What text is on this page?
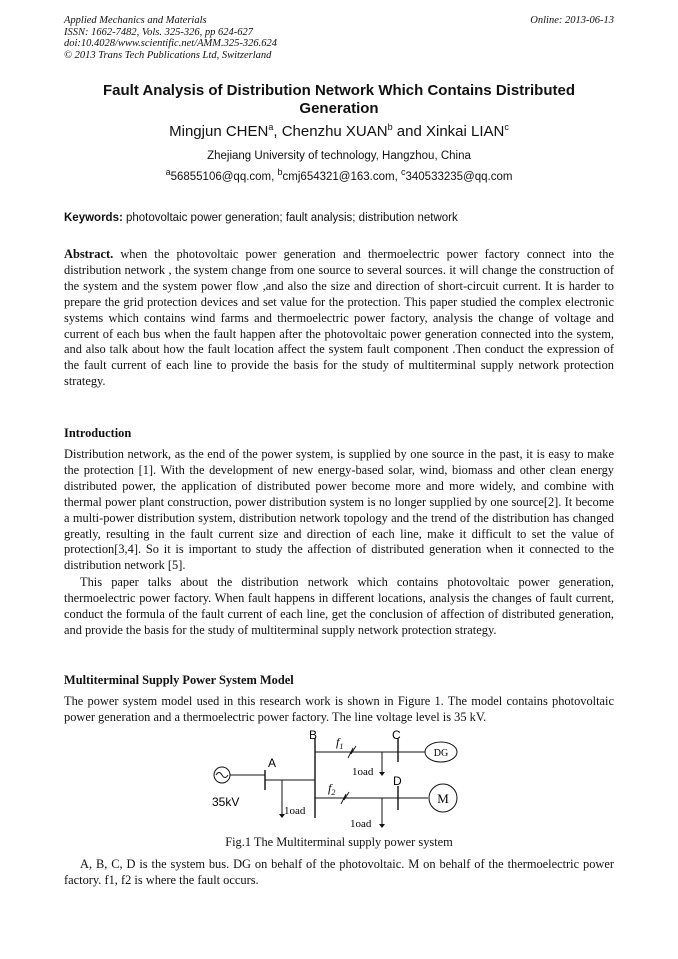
Applied Mechanics and Materials
ISSN: 1662-7482, Vols. 325-326, pp 624-627
doi:10.4028/www.scientific.net/AMM.325-326.624
© 2013 Trans Tech Publications Ltd, Switzerland
Online: 2013-06-13
Fault Analysis of Distribution Network Which Contains Distributed Generation
Mingjun CHEN$^a$, Chenzhu XUAN$^b$ and Xinkai LIAN$^c$
Zhejiang University of technology, Hangzhou, China
$^a$56855106@qq.com, $^b$cmj654321@163.com, $^c$340533235@qq.com
Keywords: photovoltaic power generation; fault analysis; distribution network
Abstract. when the photovoltaic power generation and thermoelectric power factory connect into the distribution network , the system change from one source to several sources. it will change the construction of the system and the system power flow ,and also the size and direction of short-circuit current. It is harder to prepare the grid protection devices and set value for the protection. This paper studied the complex electronic systems which contains wind farms and thermoelectric power factory, analysis the change of voltage and current of each bus when the fault happen after the photovoltaic power generation connected into the system, and also talk about how the fault location affect the system fault component .Then conduct the expression of the fault current of each line to provide the basis for the study of multiterminal supply network protection strategy.
Introduction
Distribution network, as the end of the power system, is supplied by one source in the past, it is easy to make the protection [1]. With the development of new energy-based solar, wind, biomass and other clean energy distributed power, the application of distributed power become more and more widely, and combine with thermal power plant construction, power distribution system is no longer supplied by one source[2]. It become a multi-power distribution system, distribution network topology and the trend of the distribution has changed greatly, resulting in the fault current size and direction of each line, make it difficult to set the value of protection[3,4]. So it is important to study the affection of distributed generation when it connected to the distribution network [5].
This paper talks about the distribution network which contains photovoltaic power generation, thermoelectric power factory. When fault happens in different locations, analysis the changes of fault current, conduct the formula of the fault current of each line, get the conclusion of affection of distributed generation, and provide the basis for the study of multiterminal supply network protection strategy.
Multiterminal Supply Power System Model
The power system model used in this research work is shown in Figure 1. The model contains photovoltaic power generation and a thermoelectric power factory. The line voltage level is 35 kV.
35kV
A
1oad
B $f_1$
C
DG
1oad
$f_2$
D
M
1oad
Fig.1 The Multiterminal supply power system
A, B, C, D is the system bus. DG on behalf of the photovoltaic. M on behalf of the thermoelectric power factory. f1, f2 is where the fault occurs.
